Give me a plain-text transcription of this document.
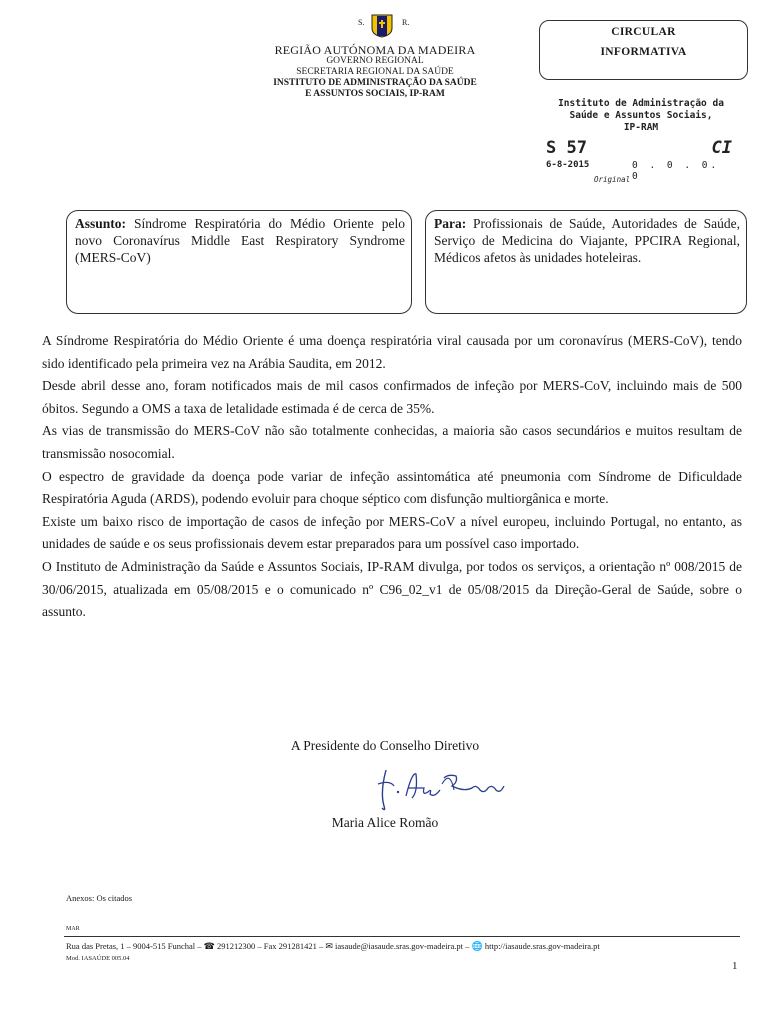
S.	R.
REGIÃO AUTÓNOMA DA MADEIRA
GOVERNO REGIONAL
SECRETARIA REGIONAL DA SAÚDE
INSTITUTO DE ADMINISTRAÇÃO DA SAÚDE
E ASSUNTOS SOCIAIS, IP-RAM
CIRCULAR
INFORMATIVA
Instituto de Administração da
Saúde e Assuntos Sociais,
IP-RAM
S 57	CI
6-8-2015	0 . 0 . 0. 0
Original
Assunto: Síndrome Respiratória do Médio Oriente pelo novo Coronavírus Middle East Respiratory Syndrome (MERS-CoV)
Para: Profissionais de Saúde, Autoridades de Saúde, Serviço de Medicina do Viajante, PPCIRA Regional, Médicos afetos às unidades hoteleiras.

A Síndrome Respiratória do Médio Oriente é uma doença respiratória viral causada por um coronavírus (MERS-CoV), tendo sido identificado pela primeira vez na Arábia Saudita, em 2012.

Desde abril desse ano, foram notificados mais de mil casos confirmados de infeção por MERS-CoV, incluindo mais de 500 óbitos. Segundo a OMS a taxa de letalidade estimada é de cerca de 35%.

As vias de transmissão do MERS-CoV não são totalmente conhecidas, a maioria são casos secundários e muitos resultam de transmissão nosocomial.

O espectro de gravidade da doença pode variar de infeção assintomática até pneumonia com Síndrome de Dificuldade Respiratória Aguda (ARDS), podendo evoluir para choque séptico com disfunção multiorgânica e morte.

Existe um baixo risco de importação de casos de infeção por MERS-CoV a nível europeu, incluindo Portugal, no entanto, as unidades de saúde e os seus profissionais devem estar preparados para um possível caso importado.

O Instituto de Administração da Saúde e Assuntos Sociais, IP-RAM divulga, por todos os serviços, a orientação nº 008/2015 de 30/06/2015, atualizada em 05/08/2015 e o comunicado nº C96_02_v1 de 05/08/2015 da Direção-Geral de Saúde, sobre o assunto.

A Presidente do Conselho Diretivo
Maria Alice Romão
Anexos: Os citados
MAR
Rua das Pretas, 1 – 9004-515 Funchal – ☎ 291212300 – Fax 291281421 – ✉ iasaude@iasaude.sras.gov-madeira.pt – 🌐 http://iasaude.sras.gov-madeira.pt
Mod. IASAÚDE 005.04
1
